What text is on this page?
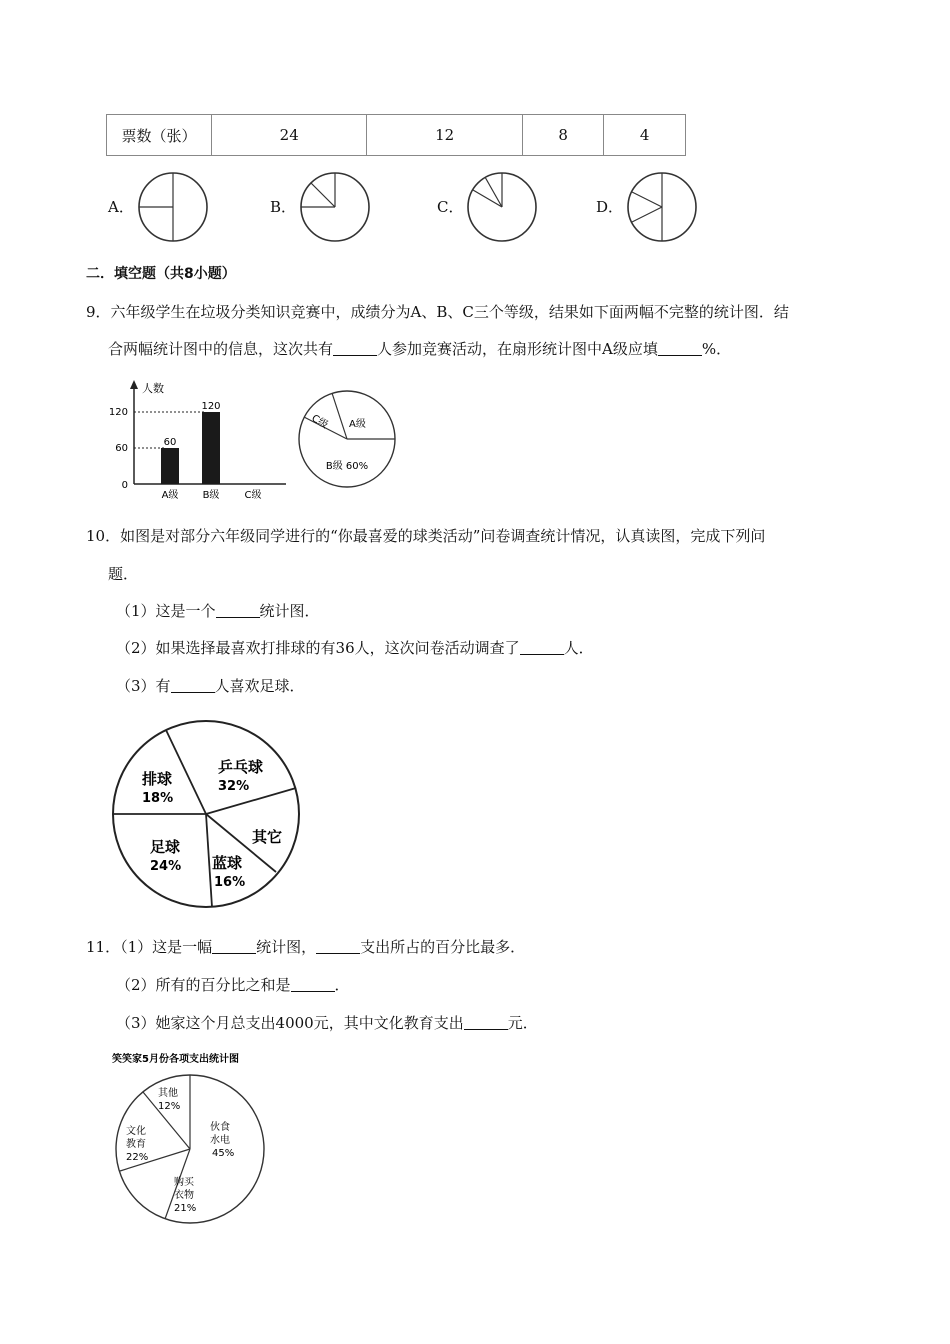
票数（张）	24	12	8	4
A．	B．	C．	D．
二．填空题（共8小题）
9．六年级学生在垃圾分类知识竞赛中，成绩分为A、B、C三个等级，结果如下面两幅不完整的统计图．结
合两幅统计图中的信息，这次共有	人参加竞赛活动，在扇形统计图中A级应填	%．
人数
0
60
120
60
120
A级 B级	C级
C级 A级
B级 60%
10．如图是对部分六年级同学进行的“你最喜爱的球类活动”问卷调查统计情况，认真读图，完成下列问
题．
（1）这是一个	统计图．
（2）如果选择最喜欢打排球的有36人，这次问卷活动调查了	人．
（3）有	人喜欢足球．
乒乓球
32%
其它
蓝球
16%
足球
24%
排球
18%
11．（1）这是一幅	统计图，	支出所占的百分比最多．
（2）所有的百分比之和是	．
（3）她家这个月总支出4000元，其中文化教育支出	元．
笑笑家5月份各项支出统计图
伙食
水电
45%
购买
衣物
21%
文化
教育
22%
其他
12%
